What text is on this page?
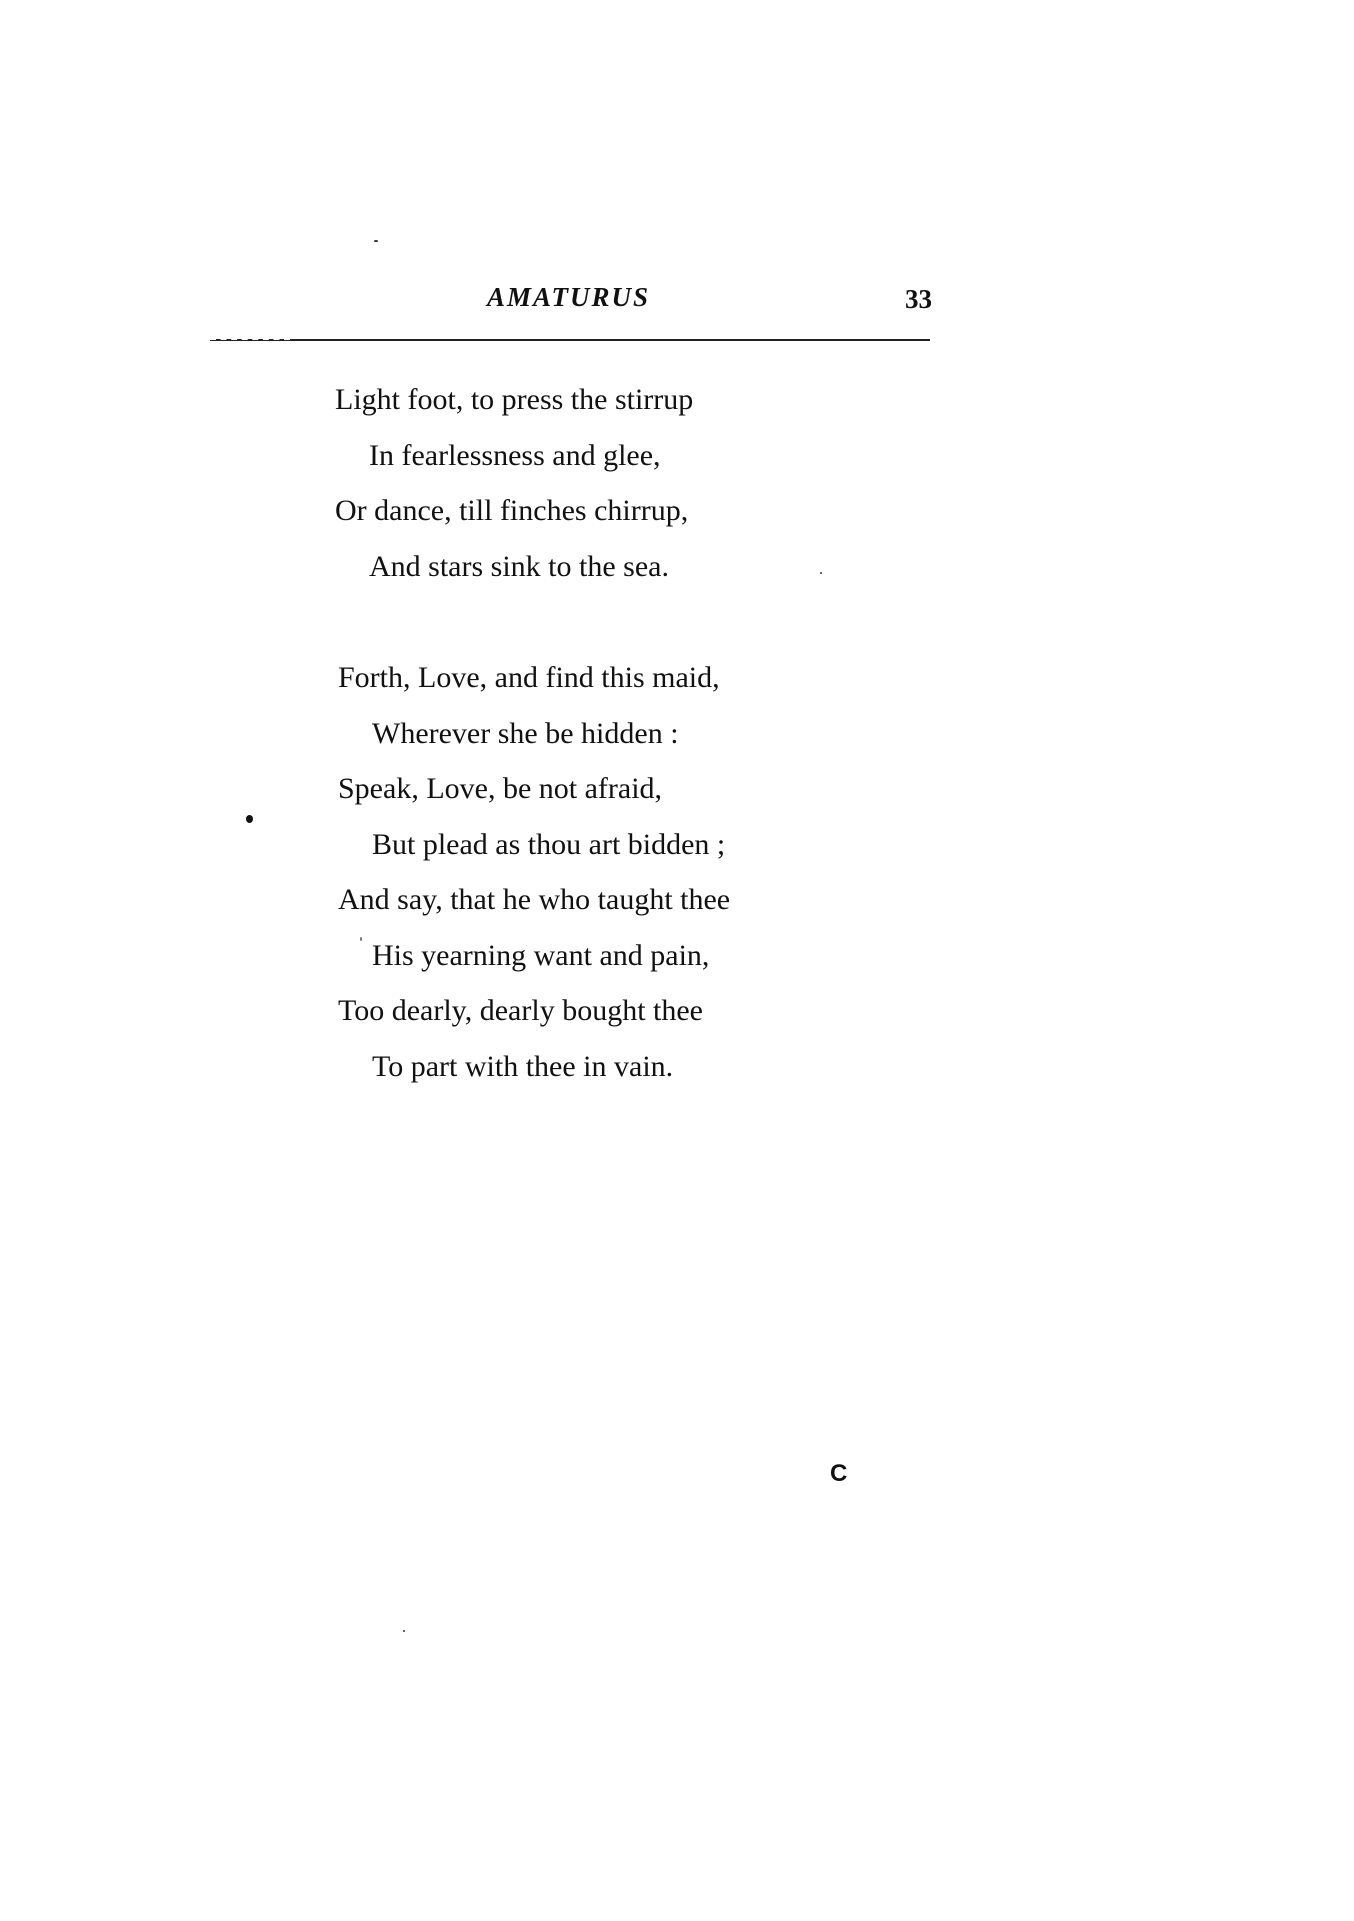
AMATURUS	33
Light foot, to press the stirrup
In fearlessness and glee,
Or dance, till finches chirrup,
And stars sink to the sea.
Forth, Love, and find this maid,
Wherever she be hidden :
Speak, Love, be not afraid,
But plead as thou art bidden ;
And say, that he who taught thee
His yearning want and pain,
Too dearly, dearly bought thee
To part with thee in vain.
C
